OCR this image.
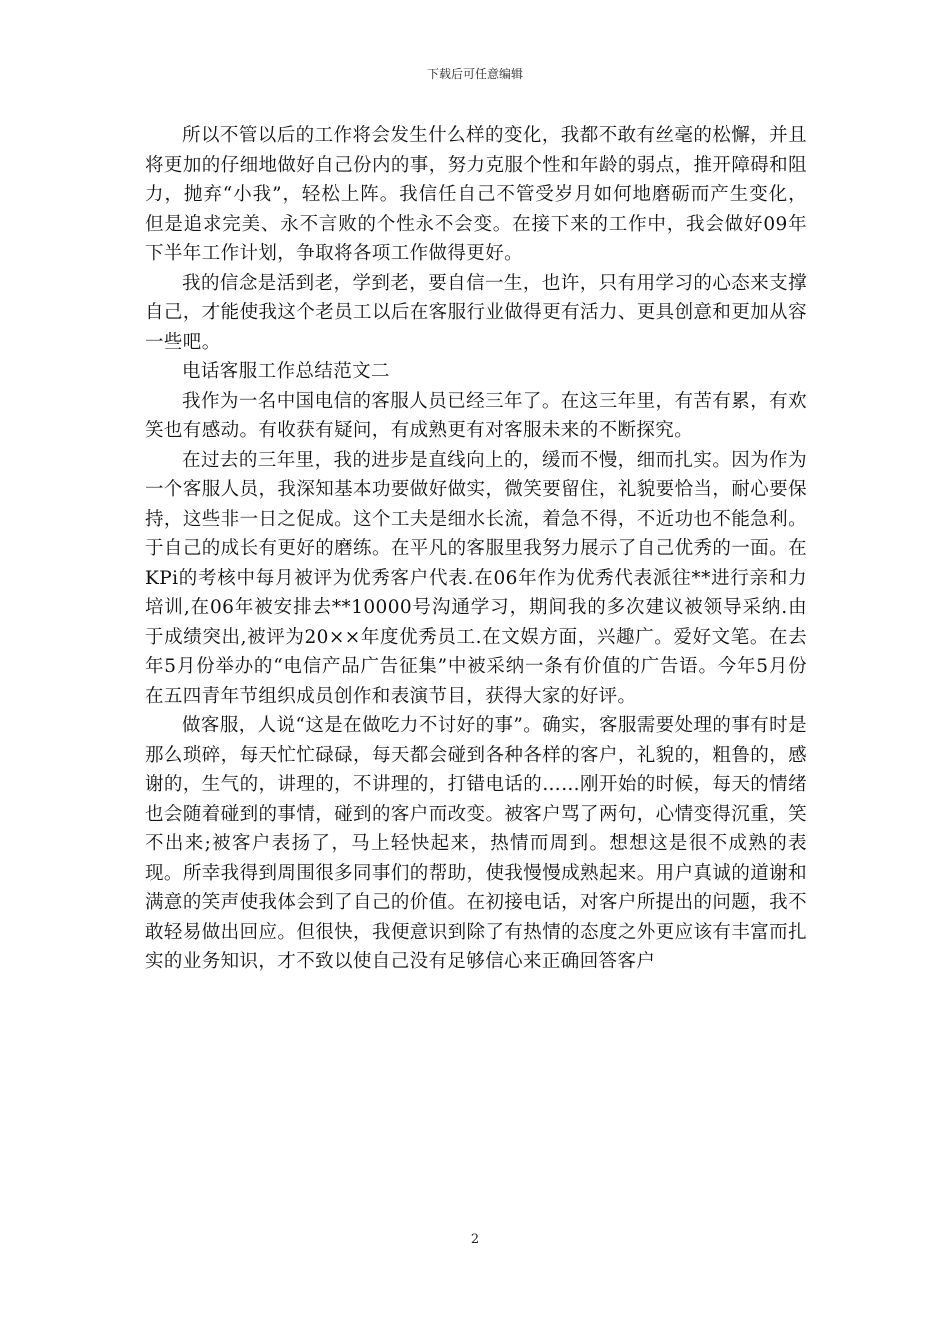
下载后可任意编辑

所以不管以后的工作将会发生什么样的变化，我都不敢有丝毫的松懈，并且将更加的仔细地做好自己份内的事，努力克服个性和年龄的弱点，推开障碍和阻力，抛弃“小我”，轻松上阵。我信任自己不管受岁月如何地磨砺而产生变化，但是追求完美、永不言败的个性永不会变。在接下来的工作中，我会做好09年下半年工作计划，争取将各项工作做得更好。

我的信念是活到老，学到老，要自信一生，也许，只有用学习的心态来支撑自己，才能使我这个老员工以后在客服行业做得更有活力、更具创意和更加从容一些吧。

电话客服工作总结范文二

我作为一名中国电信的客服人员已经三年了。在这三年里，有苦有累，有欢笑也有感动。有收获有疑问，有成熟更有对客服未来的不断探究。

在过去的三年里，我的进步是直线向上的，缓而不慢，细而扎实。因为作为一个客服人员，我深知基本功要做好做实，微笑要留住，礼貌要恰当，耐心要保持，这些非一日之促成。这个工夫是细水长流，着急不得，不近功也不能急利。于自己的成长有更好的磨练。在平凡的客服里我努力展示了自己优秀的一面。在KPi的考核中每月被评为优秀客户代表.在06年作为优秀代表派往**进行亲和力培训,在06年被安排去**10000号沟通学习，期间我的多次建议被领导采纳.由于成绩突出,被评为20××年度优秀员工.在文娱方面，兴趣广。爱好文笔。在去年5月份举办的“电信产品广告征集”中被采纳一条有价值的广告语。今年5月份在五四青年节组织成员创作和表演节目，获得大家的好评。

做客服，人说“这是在做吃力不讨好的事”。确实，客服需要处理的事有时是那么琐碎，每天忙忙碌碌，每天都会碰到各种各样的客户，礼貌的，粗鲁的，感谢的，生气的，讲理的，不讲理的，打错电话的……刚开始的时候，每天的情绪也会随着碰到的事情，碰到的客户而改变。被客户骂了两句，心情变得沉重，笑不出来;被客户表扬了，马上轻快起来，热情而周到。想想这是很不成熟的表现。所幸我得到周围很多同事们的帮助，使我慢慢成熟起来。用户真诚的道谢和满意的笑声使我体会到了自己的价值。在初接电话，对客户所提出的问题，我不敢轻易做出回应。但很快，我便意识到除了有热情的态度之外更应该有丰富而扎实的业务知识，才不致以使自己没有足够信心来正确回答客户

2
